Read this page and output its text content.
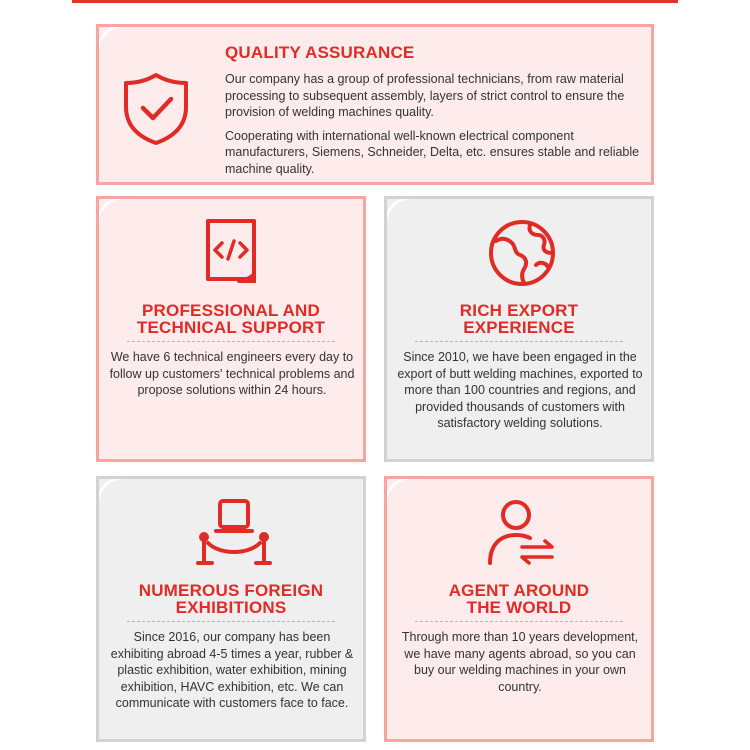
QUALITY ASSURANCE

Our company has a group of professional technicians, from raw material processing to subsequent assembly, layers of strict control to ensure the provision of welding machines quality.

Cooperating with international well-known electrical component manufacturers, Siemens, Schneider, Delta, etc. ensures stable and reliable machine quality.

PROFESSIONAL AND
TECHNICAL SUPPORT
We have 6 technical engineers every day to follow up customers' technical problems and propose solutions within 24 hours.
RICH EXPORT
EXPERIENCE
Since 2010, we have been engaged in the export of butt welding machines, exported to more than 100 countries and regions, and provided thousands of customers with satisfactory welding solutions.
NUMEROUS FOREIGN
EXHIBITIONS
Since 2016, our company has been exhibiting abroad 4-5 times a year, rubber & plastic exhibition, water exhibition, mining exhibition, HAVC exhibition, etc. We can communicate with customers face to face.
AGENT AROUND
THE WORLD
Through more than 10 years development, we have many agents abroad, so you can buy our welding machines in your own country.
